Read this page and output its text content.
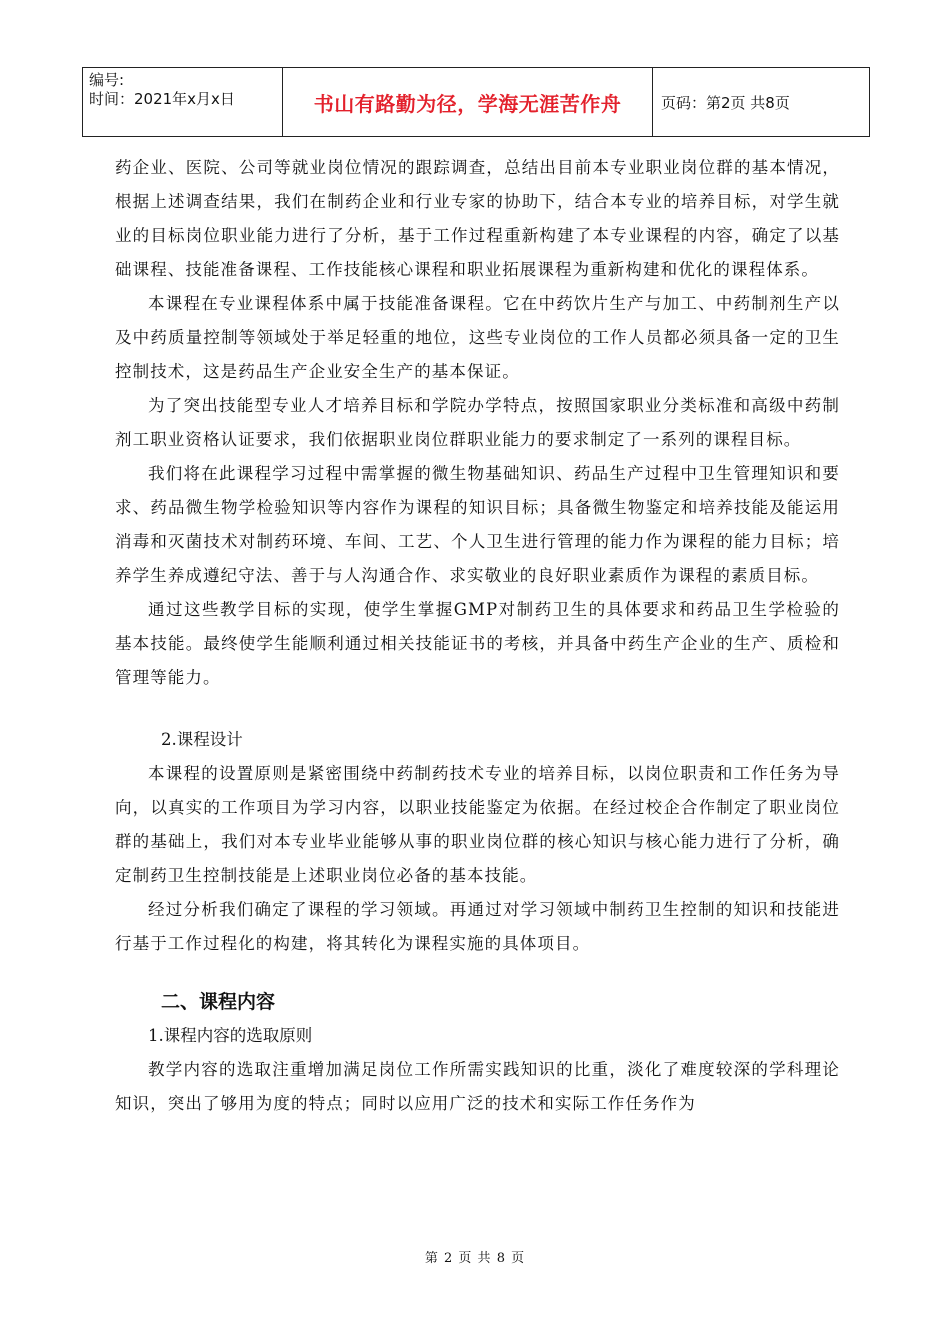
编号:
时间：2021年x月x日	书山有路勤为径，学海无涯苦作舟	页码：第2页 共8页

药企业、医院、公司等就业岗位情况的跟踪调查，总结出目前本专业职业岗位群的基本情况，根据上述调查结果，我们在制药企业和行业专家的协助下，结合本专业的培养目标，对学生就业的目标岗位职业能力进行了分析，基于工作过程重新构建了本专业课程的内容，确定了以基础课程、技能准备课程、工作技能核心课程和职业拓展课程为重新构建和优化的课程体系。

本课程在专业课程体系中属于技能准备课程。它在中药饮片生产与加工、中药制剂生产以及中药质量控制等领域处于举足轻重的地位，这些专业岗位的工作人员都必须具备一定的卫生控制技术，这是药品生产企业安全生产的基本保证。

为了突出技能型专业人才培养目标和学院办学特点，按照国家职业分类标准和高级中药制剂工职业资格认证要求，我们依据职业岗位群职业能力的要求制定了一系列的课程目标。

我们将在此课程学习过程中需掌握的微生物基础知识、药品生产过程中卫生管理知识和要求、药品微生物学检验知识等内容作为课程的知识目标；具备微生物鉴定和培养技能及能运用消毒和灭菌技术对制药环境、车间、工艺、个人卫生进行管理的能力作为课程的能力目标；培养学生养成遵纪守法、善于与人沟通合作、求实敬业的良好职业素质作为课程的素质目标。

通过这些教学目标的实现，使学生掌握GMP对制药卫生的具体要求和药品卫生学检验的基本技能。最终使学生能顺利通过相关技能证书的考核，并具备中药生产企业的生产、质检和管理等能力。

2.课程设计

本课程的设置原则是紧密围绕中药制药技术专业的培养目标，以岗位职责和工作任务为导向，以真实的工作项目为学习内容，以职业技能鉴定为依据。在经过校企合作制定了职业岗位群的基础上，我们对本专业毕业能够从事的职业岗位群的核心知识与核心能力进行了分析，确定制药卫生控制技能是上述职业岗位必备的基本技能。

经过分析我们确定了课程的学习领域。再通过对学习领域中制药卫生控制的知识和技能进行基于工作过程化的构建，将其转化为课程实施的具体项目。

二、课程内容

1.课程内容的选取原则

教学内容的选取注重增加满足岗位工作所需实践知识的比重，淡化了难度较深的学科理论知识，突出了够用为度的特点；同时以应用广泛的技术和实际工作任务作为

第 2 页 共 8 页
